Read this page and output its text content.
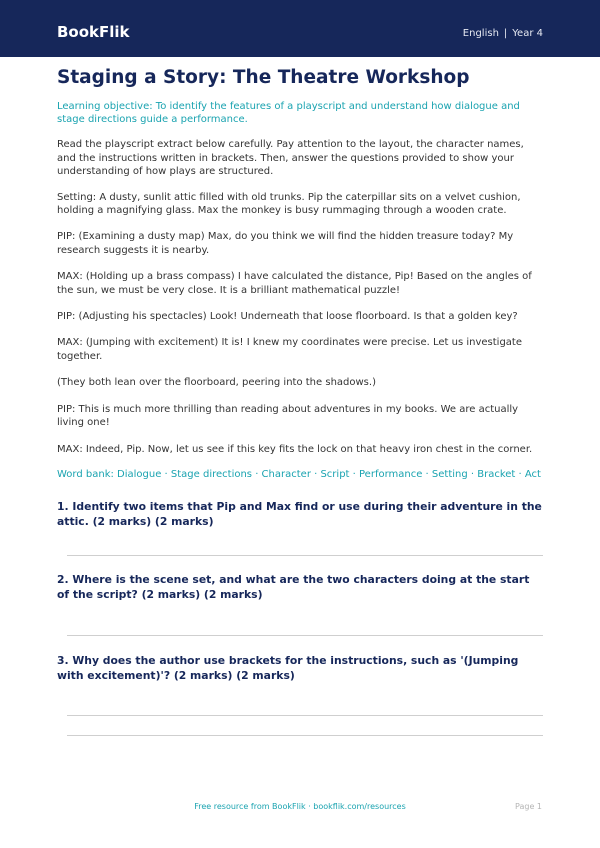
BookFlik	English | Year 4
Staging a Story: The Theatre Workshop
Learning objective: To identify the features of a playscript and understand how dialogue and stage directions guide a performance.
Read the playscript extract below carefully. Pay attention to the layout, the character names, and the instructions written in brackets. Then, answer the questions provided to show your understanding of how plays are structured.
Setting: A dusty, sunlit attic filled with old trunks. Pip the caterpillar sits on a velvet cushion, holding a magnifying glass. Max the monkey is busy rummaging through a wooden crate.
PIP: (Examining a dusty map) Max, do you think we will find the hidden treasure today? My research suggests it is nearby.
MAX: (Holding up a brass compass) I have calculated the distance, Pip! Based on the angles of the sun, we must be very close. It is a brilliant mathematical puzzle!
PIP: (Adjusting his spectacles) Look! Underneath that loose floorboard. Is that a golden key?
MAX: (Jumping with excitement) It is! I knew my coordinates were precise. Let us investigate together.
(They both lean over the floorboard, peering into the shadows.)
PIP: This is much more thrilling than reading about adventures in my books. We are actually living one!
MAX: Indeed, Pip. Now, let us see if this key fits the lock on that heavy iron chest in the corner.
Word bank: Dialogue · Stage directions · Character · Script · Performance · Setting · Bracket · Act
1. Identify two items that Pip and Max find or use during their adventure in the attic. (2 marks) (2 marks)
2. Where is the scene set, and what are the two characters doing at the start of the script? (2 marks) (2 marks)
3. Why does the author use brackets for the instructions, such as '(Jumping with excitement)'? (2 marks) (2 marks)
Free resource from BookFlik · bookflik.com/resources	Page 1
